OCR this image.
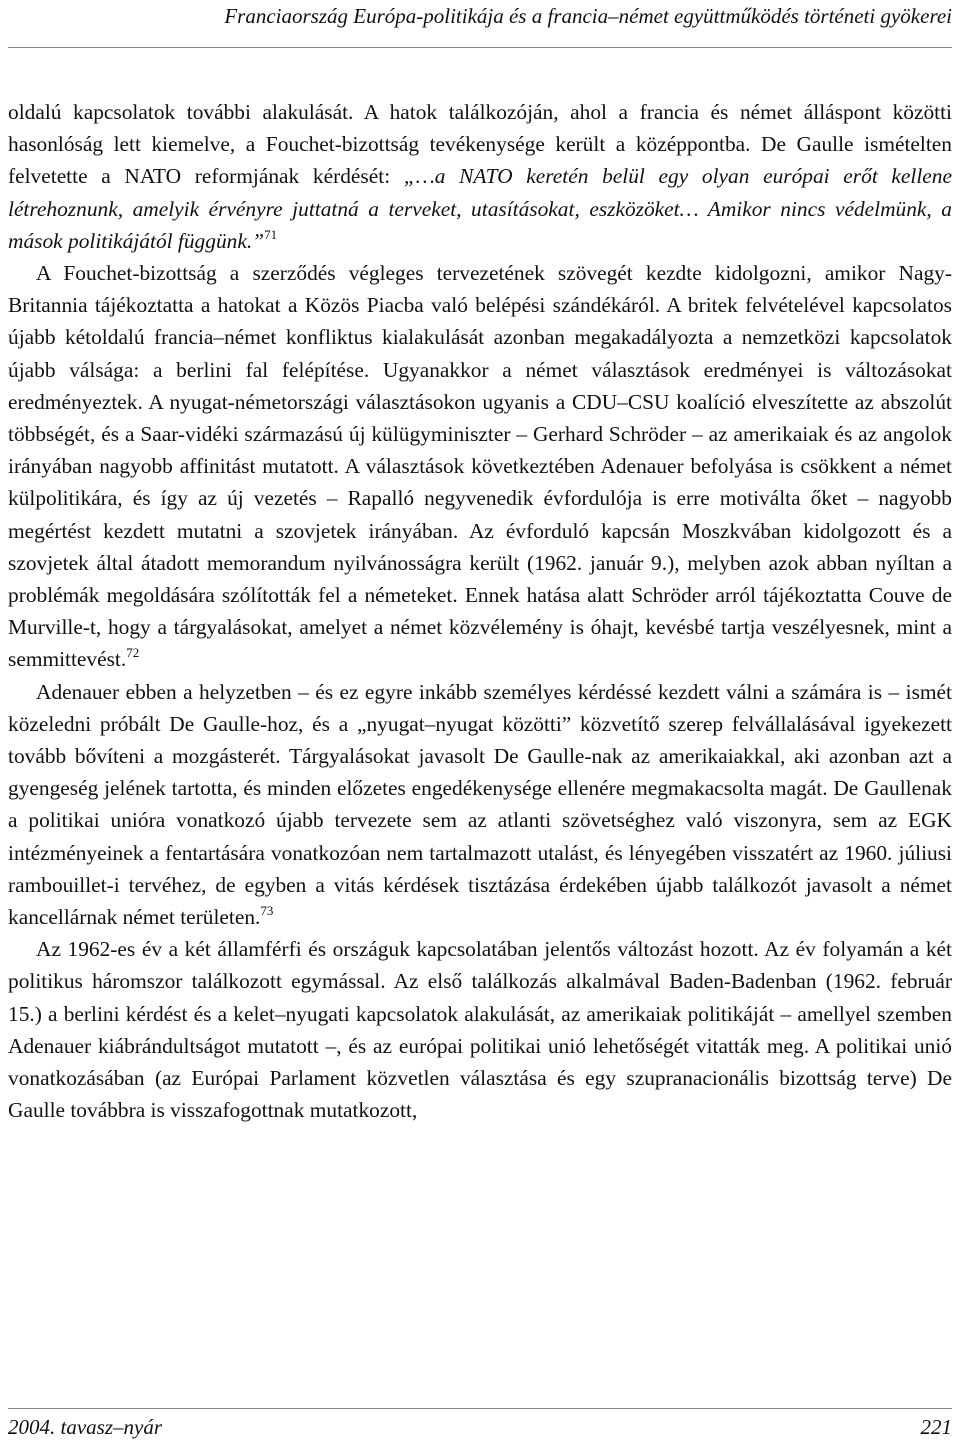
Franciaország Európa-politikája és a francia–német együttműködés történeti gyökerei

oldalú kapcsolatok további alakulását. A hatok találkozóján, ahol a francia és német álláspont közötti hasonlóság lett kiemelve, a Fouchet-bizottság tevékenysége került a középpontba. De Gaulle ismételten felvetette a NATO reformjának kérdését: „…a NATO keretén belül egy olyan európai erőt kellene létrehoznunk, amelyik érvényre juttatná a terveket, utasításokat, eszközöket… Amikor nincs védelmünk, a mások politikájától függünk.”$^{71}$

A Fouchet-bizottság a szerződés végleges tervezetének szövegét kezdte kidolgozni, amikor Nagy-Britannia tájékoztatta a hatokat a Közös Piacba való belépési szándékáról. A britek felvételével kapcsolatos újabb kétoldalú francia–német konfliktus kialakulását azonban megakadályozta a nemzetközi kapcsolatok újabb válsága: a berlini fal felépítése. Ugyanakkor a német választások eredményei is változásokat eredményeztek. A nyugat-németországi választásokon ugyanis a CDU–CSU koalíció elveszítette az abszolút többségét, és a Saar-vidéki származású új külügyminiszter – Gerhard Schröder – az amerikaiak és az angolok irányában nagyobb affinitást mutatott. A választások következtében Adenauer befolyása is csökkent a német külpolitikára, és így az új vezetés – Rapalló negyvenedik évfordulója is erre motiválta őket – nagyobb megértést kezdett mutatni a szovjetek irányában. Az évforduló kapcsán Moszkvában kidolgozott és a szovjetek által átadott memorandum nyilvánosságra került (1962. január 9.), melyben azok abban nyíltan a problémák megoldására szólították fel a németeket. Ennek hatása alatt Schröder arról tájékoztatta Couve de Murville-t, hogy a tárgyalásokat, amelyet a német közvélemény is óhajt, kevésbé tartja veszélyesnek, mint a semmittevést.$^{72}$

Adenauer ebben a helyzetben – és ez egyre inkább személyes kérdéssé kezdett válni a számára is – ismét közeledni próbált De Gaulle-hoz, és a „nyugat–nyugat közötti” közvetítő szerep felvállalásával igyekezett tovább bővíteni a mozgásterét. Tárgyalásokat javasolt De Gaulle-nak az amerikaiakkal, aki azonban azt a gyengeség jelének tartotta, és minden előzetes engedékenysége ellenére megmakacsolta magát. De Gaullenak a politikai unióra vonatkozó újabb tervezete sem az atlanti szövetséghez való viszonyra, sem az EGK intézményeinek a fentartására vonatkozóan nem tartalmazott utalást, és lényegében visszatért az 1960. júliusi rambouillet-i tervéhez, de egyben a vitás kérdések tisztázása érdekében újabb találkozót javasolt a német kancellárnak német területen.$^{73}$

Az 1962-es év a két államférfi és országuk kapcsolatában jelentős változást hozott. Az év folyamán a két politikus háromszor találkozott egymással. Az első találkozás alkalmával Baden-Badenban (1962. február 15.) a berlini kérdést és a kelet–nyugati kapcsolatok alakulását, az amerikaiak politikáját – amellyel szemben Adenauer kiábrándultságot mutatott –, és az európai politikai unió lehetőségét vitatták meg. A politikai unió vonatkozásában (az Európai Parlament közvetlen választása és egy szupranacionális bizottság terve) De Gaulle továbbra is visszafogottnak mutatkozott,

2004. tavasz–nyár	221
